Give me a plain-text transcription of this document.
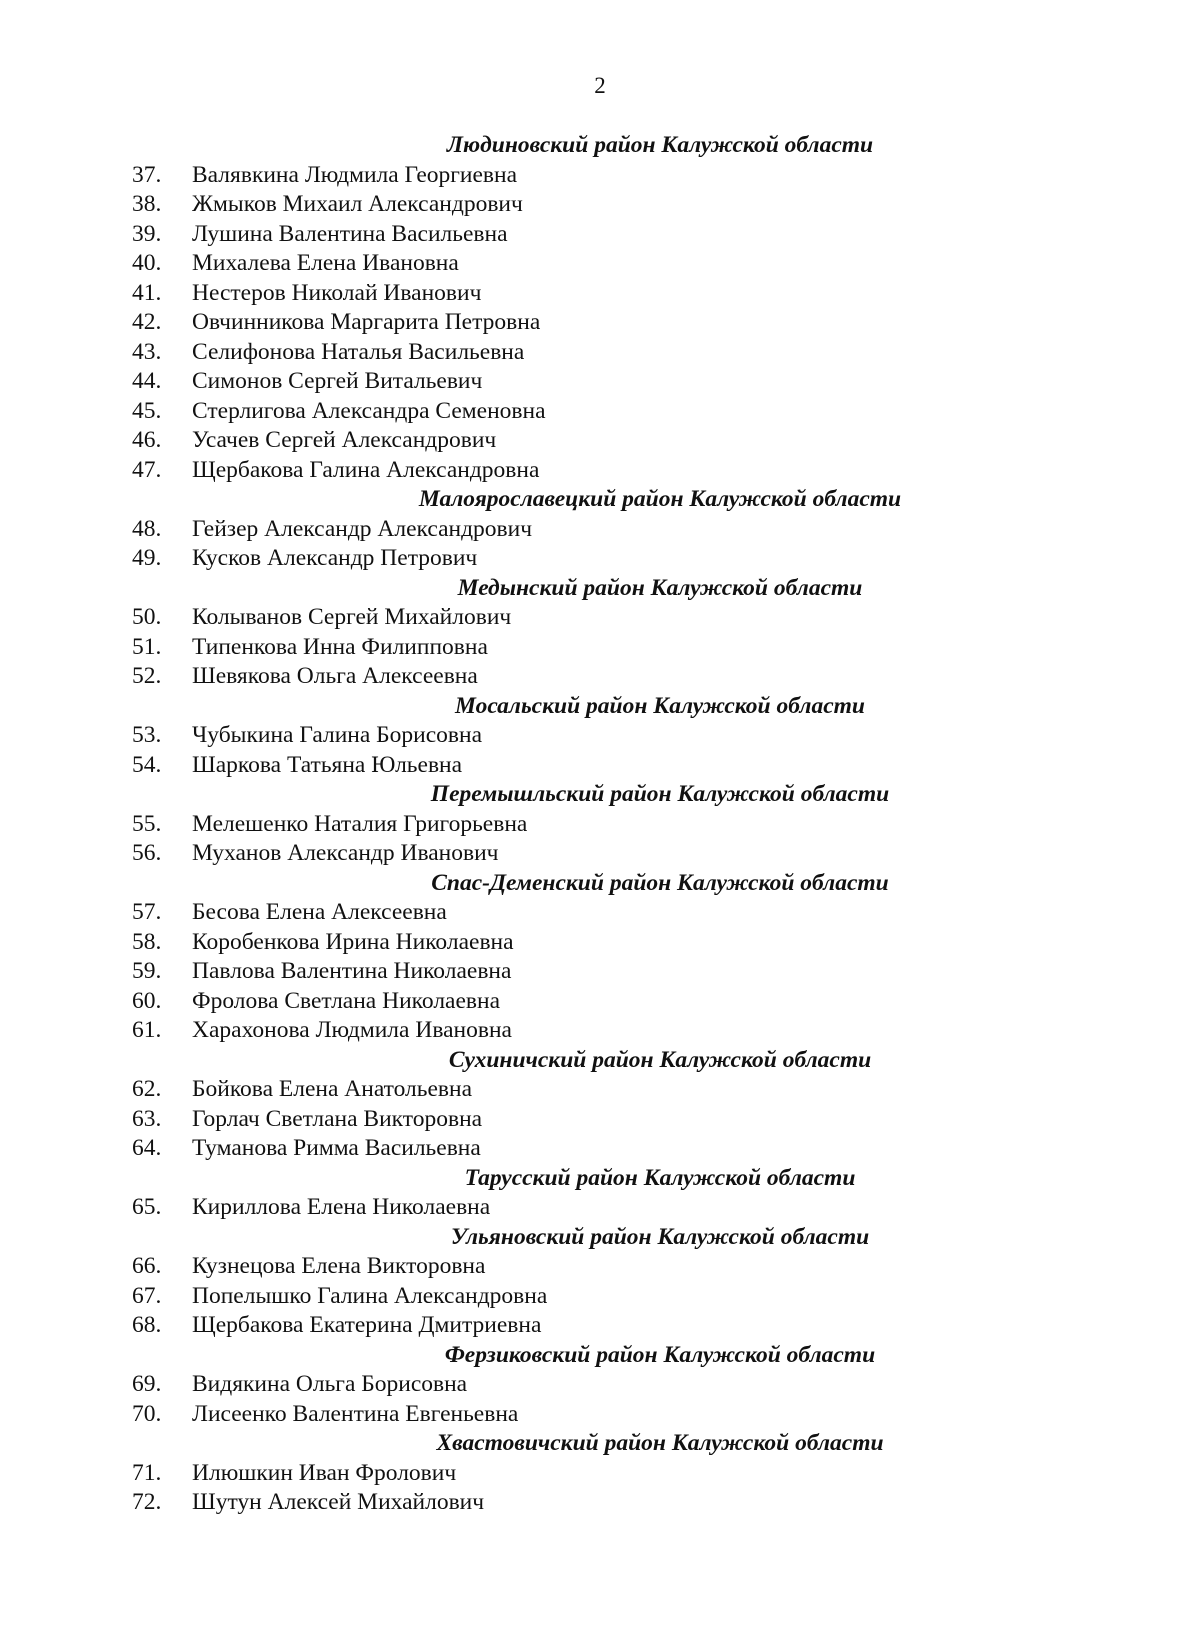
2
Людиновский район Калужской области
37.	Валявкина Людмила Георгиевна
38.	Жмыков Михаил Александрович
39.	Лушина Валентина Васильевна
40.	Михалева Елена Ивановна
41.	Нестеров Николай Иванович
42.	Овчинникова Маргарита Петровна
43.	Селифонова Наталья Васильевна
44.	Симонов Сергей Витальевич
45.	Стерлигова Александра Семеновна
46.	Усачев Сергей Александрович
47.	Щербакова Галина Александровна
Малоярославецкий район Калужской области
48.	Гейзер Александр Александрович
49.	Кусков Александр Петрович
Медынский район Калужской области
50.	Колыванов Сергей Михайлович
51.	Типенкова Инна Филипповна
52.	Шевякова Ольга Алексеевна
Мосальский район Калужской области
53.	Чубыкина Галина Борисовна
54.	Шаркова Татьяна Юльевна
Перемышльский район Калужской области
55.	Мелешенко Наталия Григорьевна
56.	Муханов Александр Иванович
Спас-Деменский район Калужской области
57.	Бесова Елена Алексеевна
58.	Коробенкова Ирина Николаевна
59.	Павлова Валентина Николаевна
60.	Фролова Светлана Николаевна
61.	Харахонова Людмила Ивановна
Сухиничский район Калужской области
62.	Бойкова Елена Анатольевна
63.	Горлач Светлана Викторовна
64.	Туманова Римма Васильевна
Тарусский район Калужской области
65.	Кириллова Елена Николаевна
Ульяновский район Калужской области
66.	Кузнецова Елена Викторовна
67.	Попелышко Галина Александровна
68.	Щербакова Екатерина Дмитриевна
Ферзиковский район Калужской области
69.	Видякина Ольга Борисовна
70.	Лисеенко Валентина Евгеньевна
Хвастовичский район Калужской области
71.	Илюшкин Иван Фролович
72.	Шутун Алексей Михайлович
